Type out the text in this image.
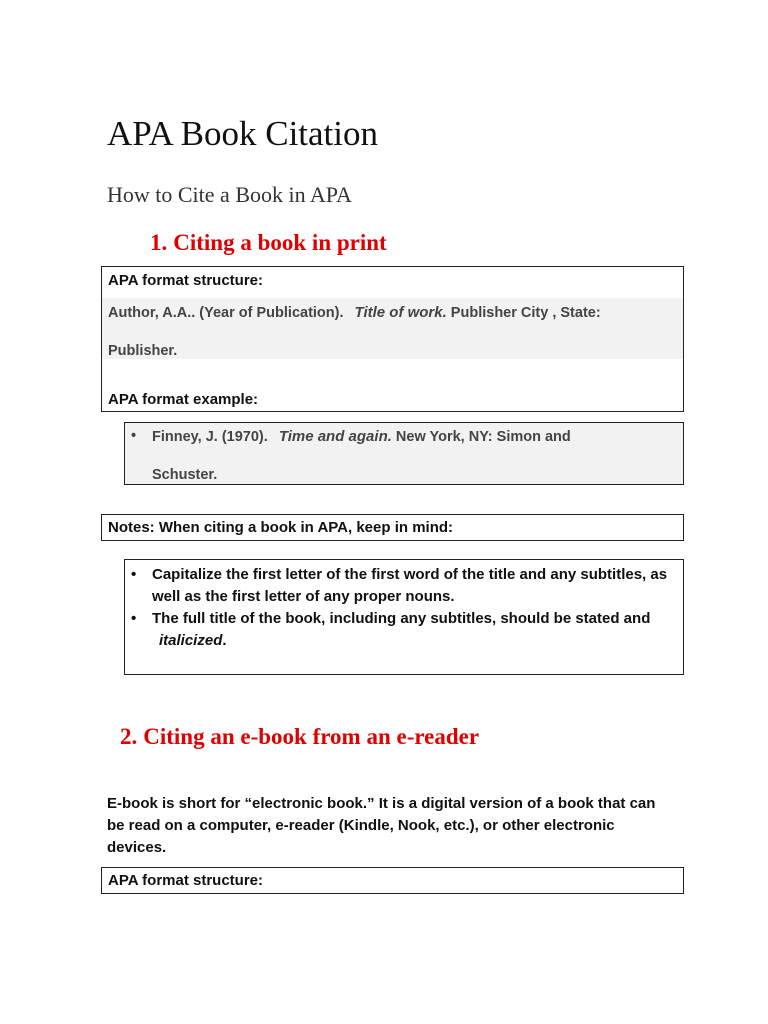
APA Book Citation
How to Cite a Book in APA
1. Citing a book in print
APA format structure:
Author, A.A.. (Year of Publication). Title of work. Publisher City , State:
Publisher.
APA format example:
• Finney, J. (1970). Time and again. New York, NY: Simon and
Schuster.
Notes: When citing a book in APA, keep in mind:
• Capitalize the first letter of the first word of the title and any subtitles, as well as the first letter of any proper nouns.
• The full title of the book, including any subtitles, should be stated and italicized.
2. Citing an e-book from an e-reader
E-book is short for “electronic book.” It is a digital version of a book that can be read on a computer, e-reader (Kindle, Nook, etc.), or other electronic devices.
APA format structure:
